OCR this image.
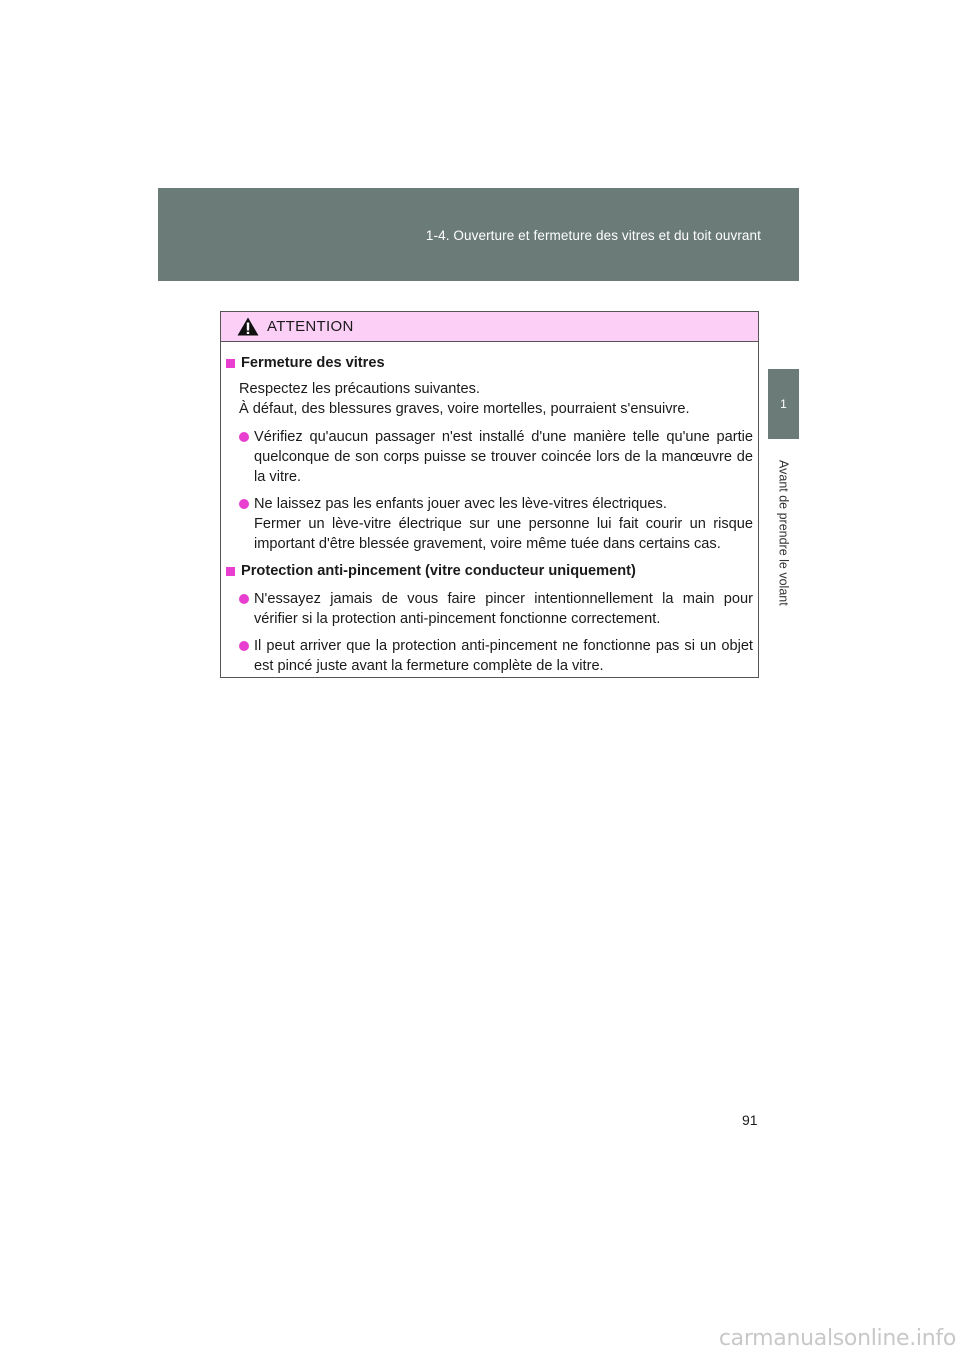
1-4. Ouverture et fermeture des vitres et du toit ouvrant
1
Avant de prendre le volant
ATTENTION
Fermeture des vitres
Respectez les précautions suivantes.
À défaut, des blessures graves, voire mortelles, pourraient s'ensuivre.
Vérifiez qu'aucun passager n'est installé d'une manière telle qu'une partie quelconque de son corps puisse se trouver coincée lors de la manœuvre de la vitre.
Ne laissez pas les enfants jouer avec les lève-vitres électriques.
Fermer un lève-vitre électrique sur une personne lui fait courir un risque important d'être blessée gravement, voire même tuée dans certains cas.
Protection anti-pincement (vitre conducteur uniquement)
N'essayez jamais de vous faire pincer intentionnellement la main pour vérifier si la protection anti-pincement fonctionne correctement.
Il peut arriver que la protection anti-pincement ne fonctionne pas si un objet est pincé juste avant la fermeture complète de la vitre.
91
carmanualsonline.info
